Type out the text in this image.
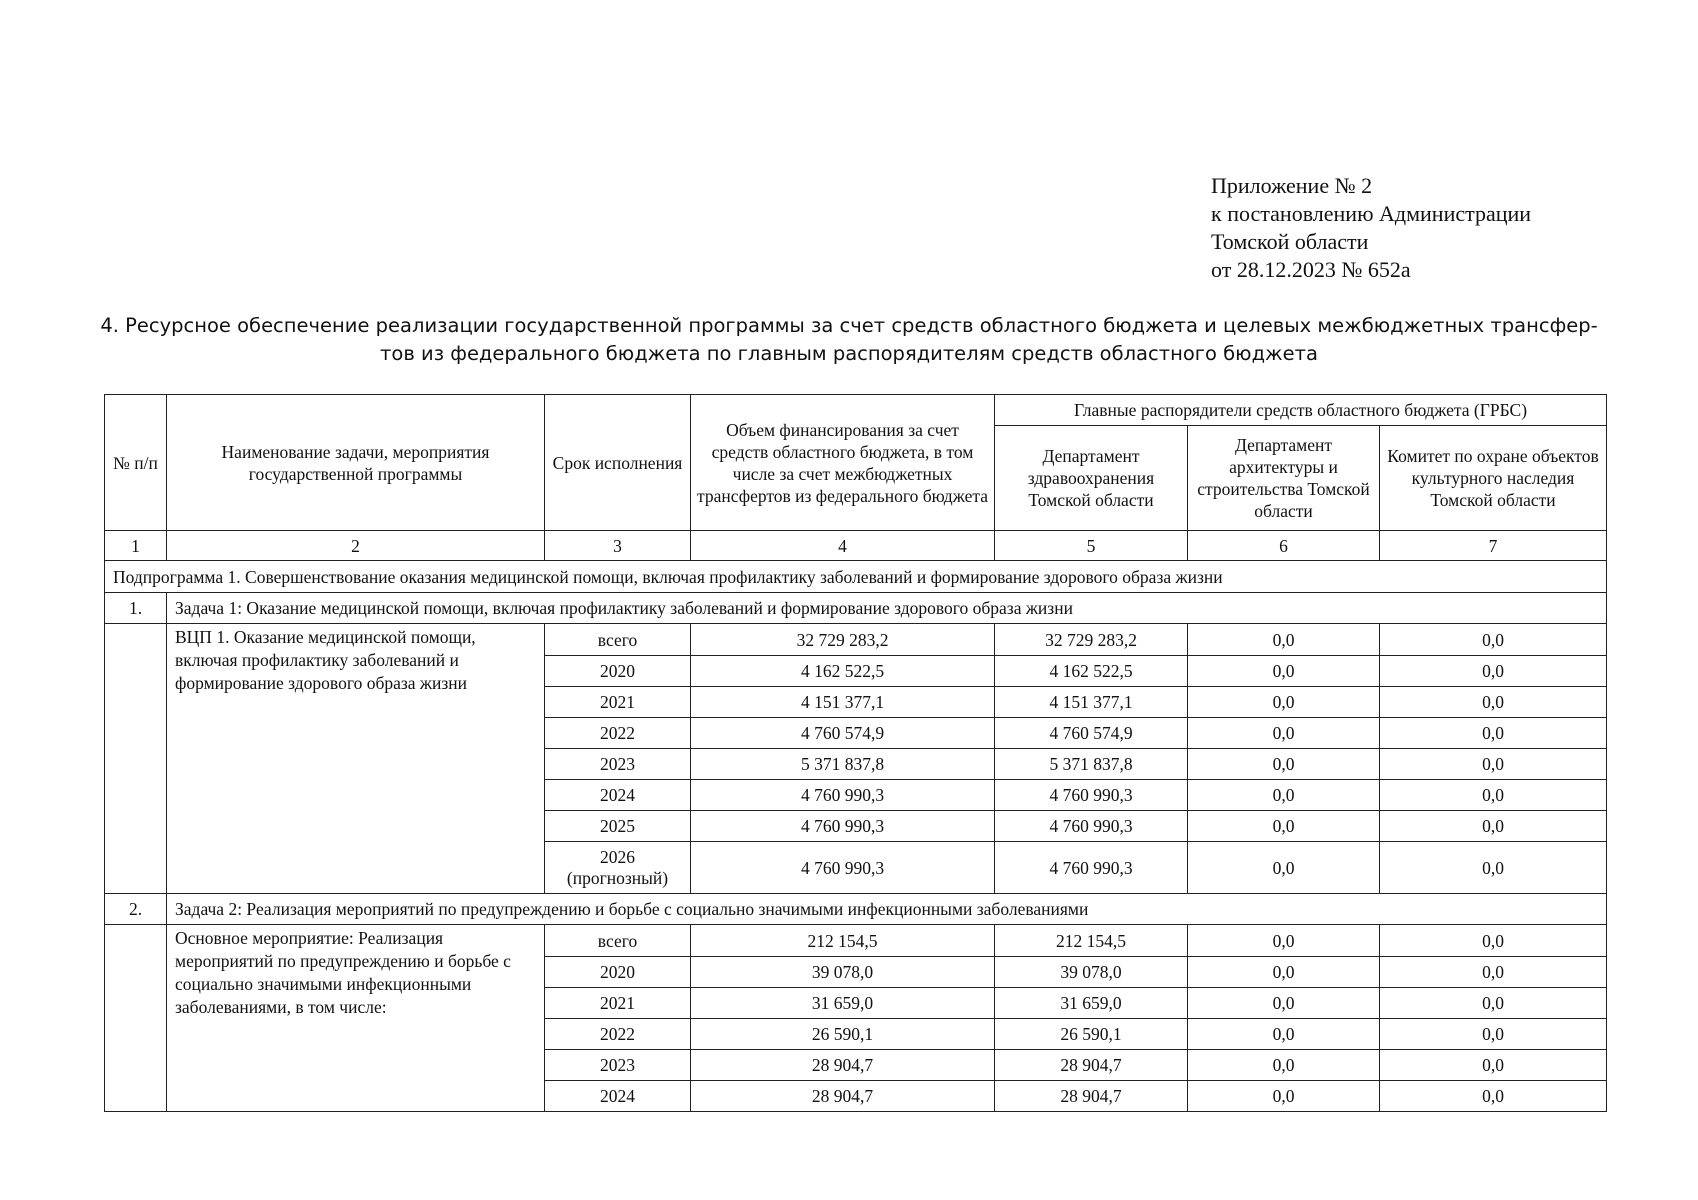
Приложение № 2
к постановлению Администрации
Томской области
от 28.12.2023 № 652а
4. Ресурсное обеспечение реализации государственной программы за счет средств областного бюджета и целевых межбюджетных трансфер-
тов из федерального бюджета по главным распорядителям средств областного бюджета
№ п/п	Наименование задачи, мероприятия государственной программы	Срок исполнения	Объем финансирования за счет средств областного бюджета, в том числе за счет межбюджетных трансфертов из федерального бюджета	Главные распорядители средств областного бюджета (ГРБС)		
				Департамент здравоохранения Томской области	Департамент архитектуры и строительства Томской области	Комитет по охране объектов культурного наследия Томской области
1	2	3	4	5	6	7
Подпрограмма 1. Совершенствование оказания медицинской помощи, включая профилактику заболеваний и формирование здорового образа жизни						
1.	Задача 1: Оказание медицинской помощи, включая профилактику заболеваний и формирование здорового образа жизни					
	ВЦП 1. Оказание медицинской помощи, включая профилактику заболеваний и формирование здорового образа жизни	всего	32 729 283,2	32 729 283,2	0,0	0,0
		2020	4 162 522,5	4 162 522,5	0,0	0,0
		2021	4 151 377,1	4 151 377,1	0,0	0,0
		2022	4 760 574,9	4 760 574,9	0,0	0,0
		2023	5 371 837,8	5 371 837,8	0,0	0,0
		2024	4 760 990,3	4 760 990,3	0,0	0,0
		2025	4 760 990,3	4 760 990,3	0,0	0,0
		2026 (прогнозный)	4 760 990,3	4 760 990,3	0,0	0,0
2.	Задача 2: Реализация мероприятий по предупреждению и борьбе с социально значимыми инфекционными заболеваниями					
	Основное мероприятие: Реализация мероприятий по предупреждению и борьбе с социально значимыми инфекционными заболеваниями, в том числе:	всего	212 154,5	212 154,5	0,0	0,0
		2020	39 078,0	39 078,0	0,0	0,0
		2021	31 659,0	31 659,0	0,0	0,0
		2022	26 590,1	26 590,1	0,0	0,0
		2023	28 904,7	28 904,7	0,0	0,0
		2024	28 904,7	28 904,7	0,0	0,0
